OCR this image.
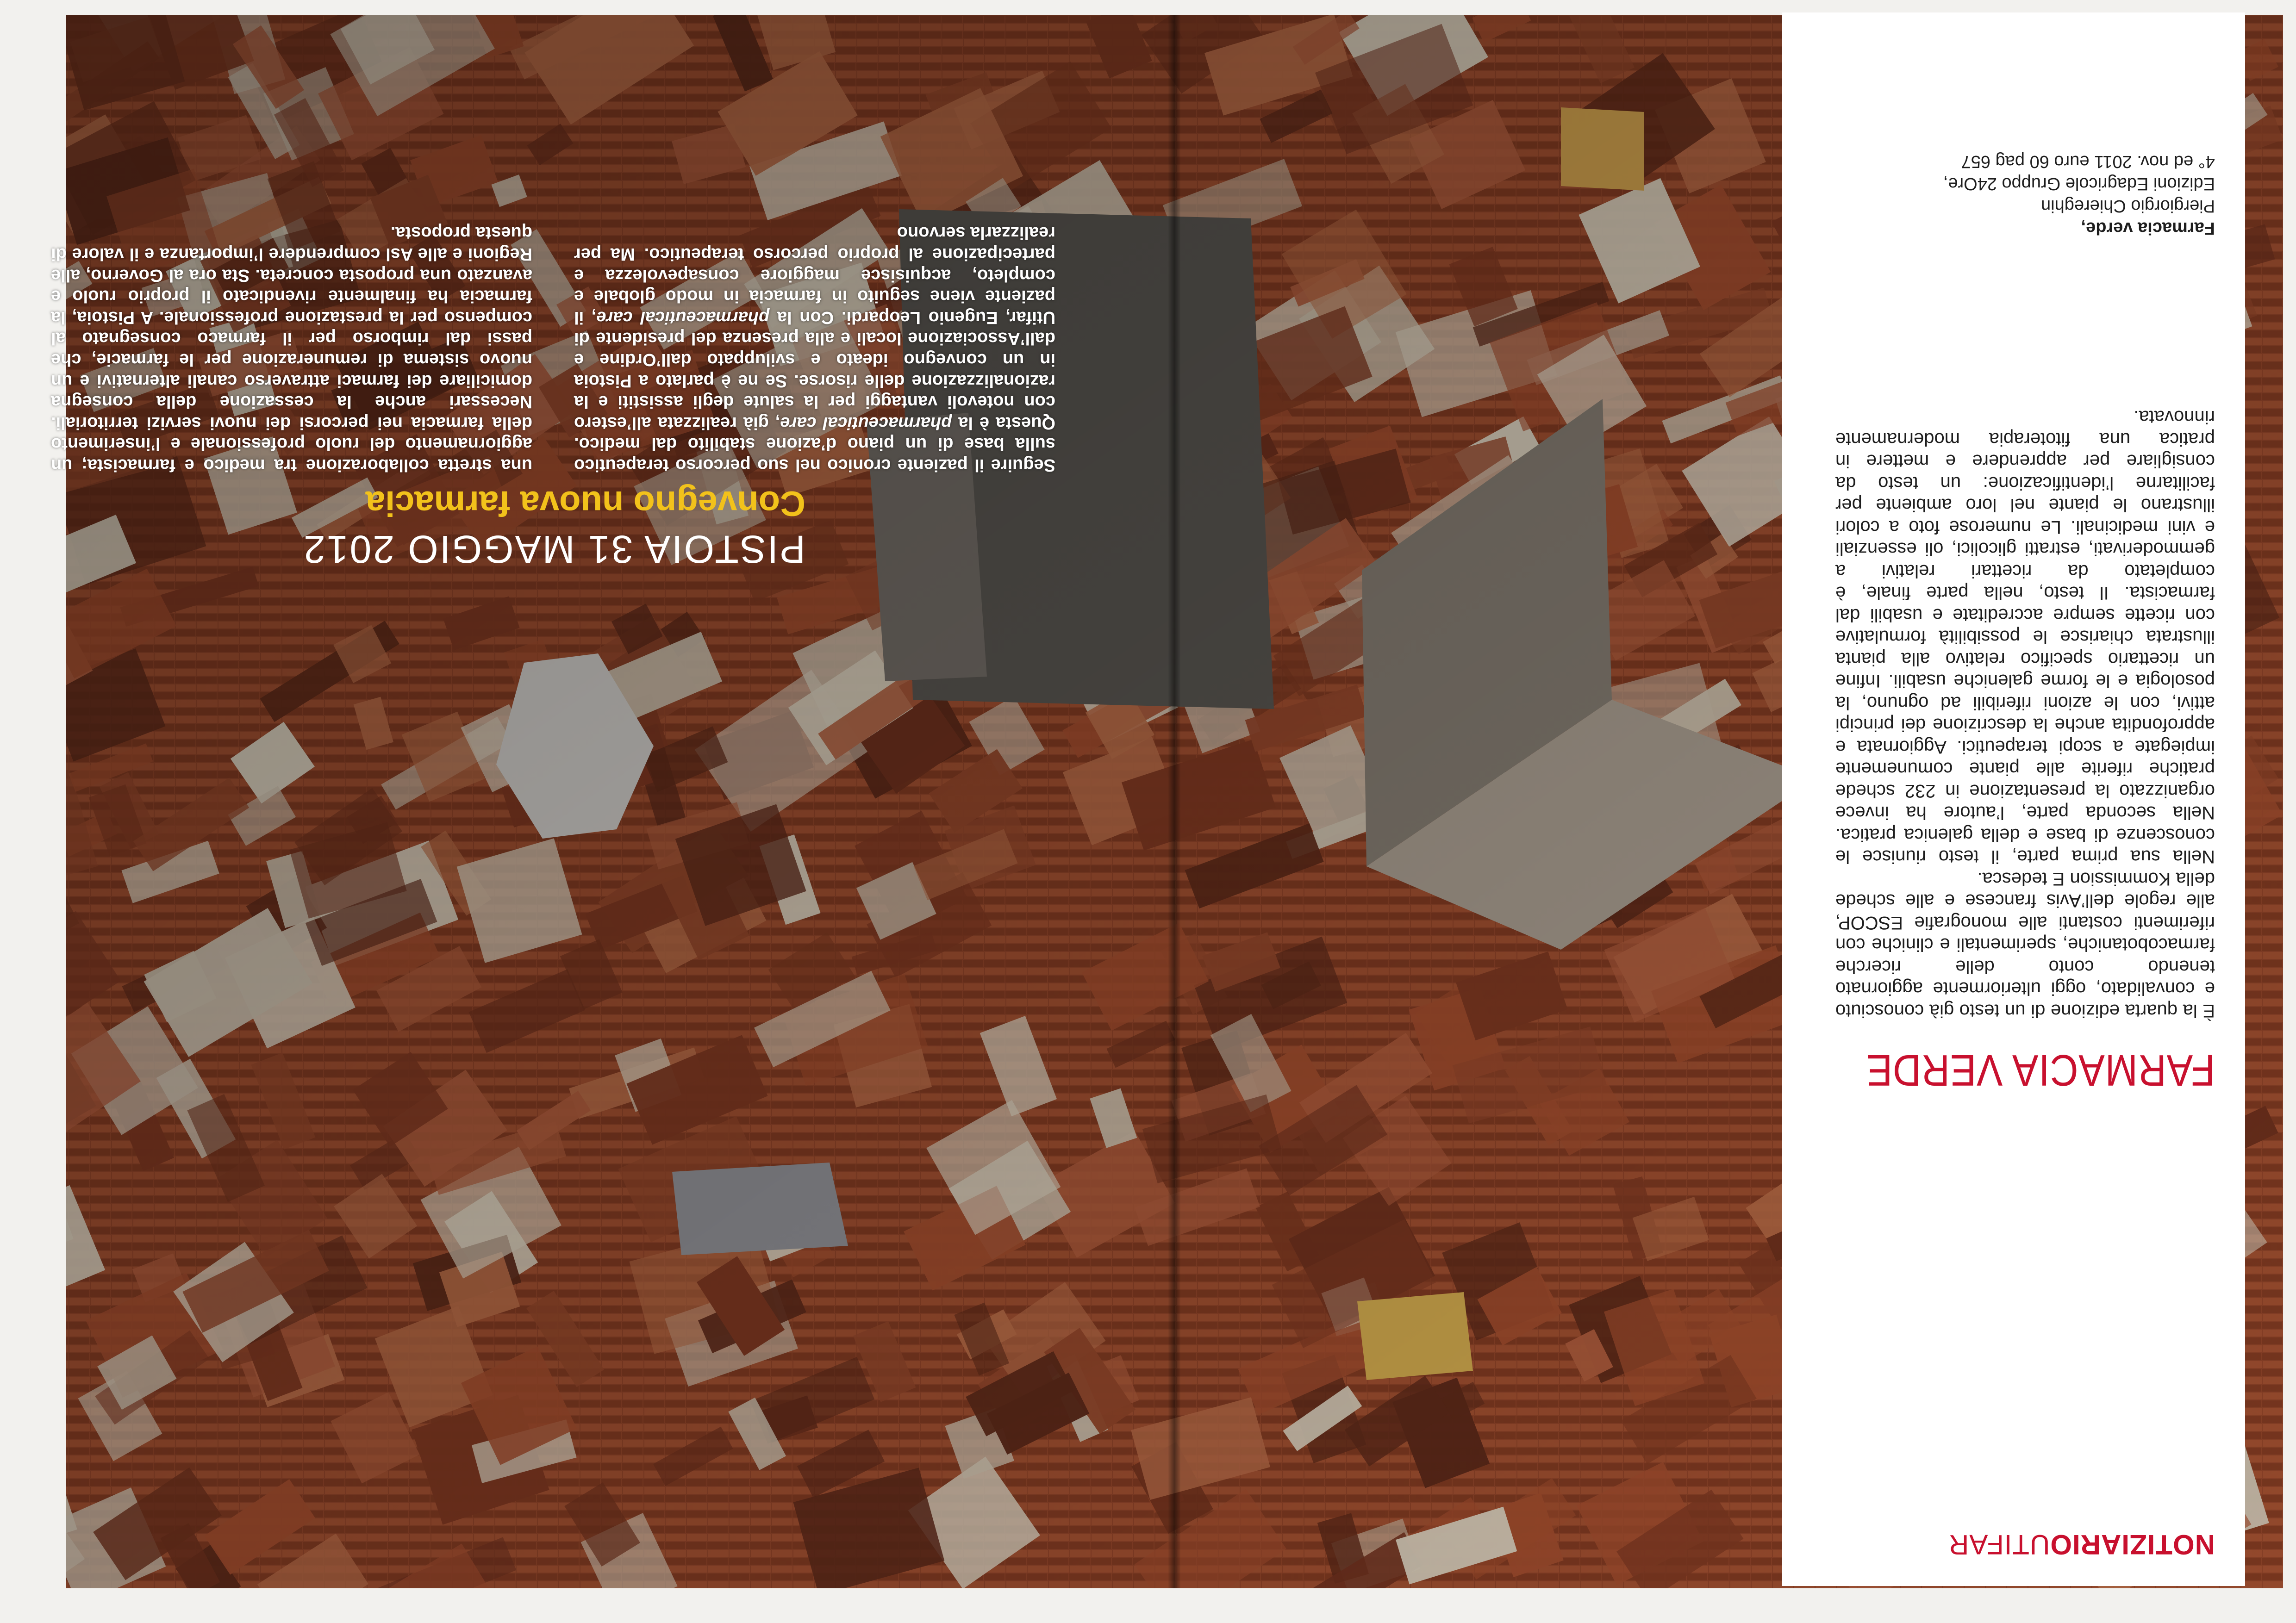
NOTIZIARIOUTIFAR
FARMACIA VERDE

È la quarta edizione di un testo già conosciuto e convalidato, oggi ulteriormente aggiornato tenendo conto delle ricerche farmacobotaniche, sperimentali e cliniche con riferimenti costanti alle monografie ESCOP, alle regole dell’Avis francese e alle schede della Kommission E tedesca.

Nella sua prima parte, il testo riunisce le conoscenze di base e della galenica pratica. Nella seconda parte, l’autore ha invece organizzato la presentazione in 232 schede pratiche riferite alle piante comunemente impiegate a scopi terapeutici. Aggiornata e approfondita anche la descrizione dei principi attivi, con le azioni riferibili ad ognuno, la posologia e le forme galeniche usabili. Infine un ricettario specifico relativo alla pianta illustrata chiarisce le possibilità formulative con ricette sempre accreditate e usabili dal farmacista. Il testo, nella parte finale, è completato da ricettari relativi a gemmoderivati, estratti glicolici, oli essenziali e vini medicinali. Le numerose foto a colori illustrano le piante nel loro ambiente per facilitarne l’identificazione: un testo da consigliare per apprendere e mettere in pratica una fitoterapia modernamente rinnovata.

Farmacia verde,
Piergiorgio Chiereghin
Edizioni Edagricole Gruppo 24Ore,
4° ed nov. 2011 euro 60 pag 657
PISTOIA 31 MAGGIO 2012
Convegno nuova farmacia
Seguire il paziente cronico nel suo percorso terapeutico sulla base di un piano d’azione stabilito dal medico. Questa è la pharmaceutical care, già realizzata all’estero con notevoli vantaggi per la salute degli assistiti e la razionalizzazione delle risorse. Se ne è parlato a Pistoia in un convegno ideato e sviluppato dall’Ordine e dall’Associazione locali e alla presenza del presidente di Utifar, Eugenio Leopardi. Con la pharmaceutical care, il paziente viene seguito in farmacia in modo globale e completo, acquisisce maggiore consapevolezza e partecipazione al proprio percorso terapeutico. Ma per realizzarla servono
una stretta collaborazione tra medico e farmacista; un aggiornamento del ruolo professionale e l’inserimento della farmacia nei percorsi dei nuovi servizi territoriali. Necessari anche la cessazione della consegna domiciliare dei farmaci attraverso canali alternativi e un nuovo sistema di remunerazione per le farmacie, che passi dal rimborso per il farmaco consegnato al compenso per la prestazione professionale. A Pistoia, la farmacia ha finalmente rivendicato il proprio ruolo e avanzato una proposta concreta. Sta ora al Governo, alle Regioni e alle Asl comprendere l’importanza e il valore di questa proposta.
